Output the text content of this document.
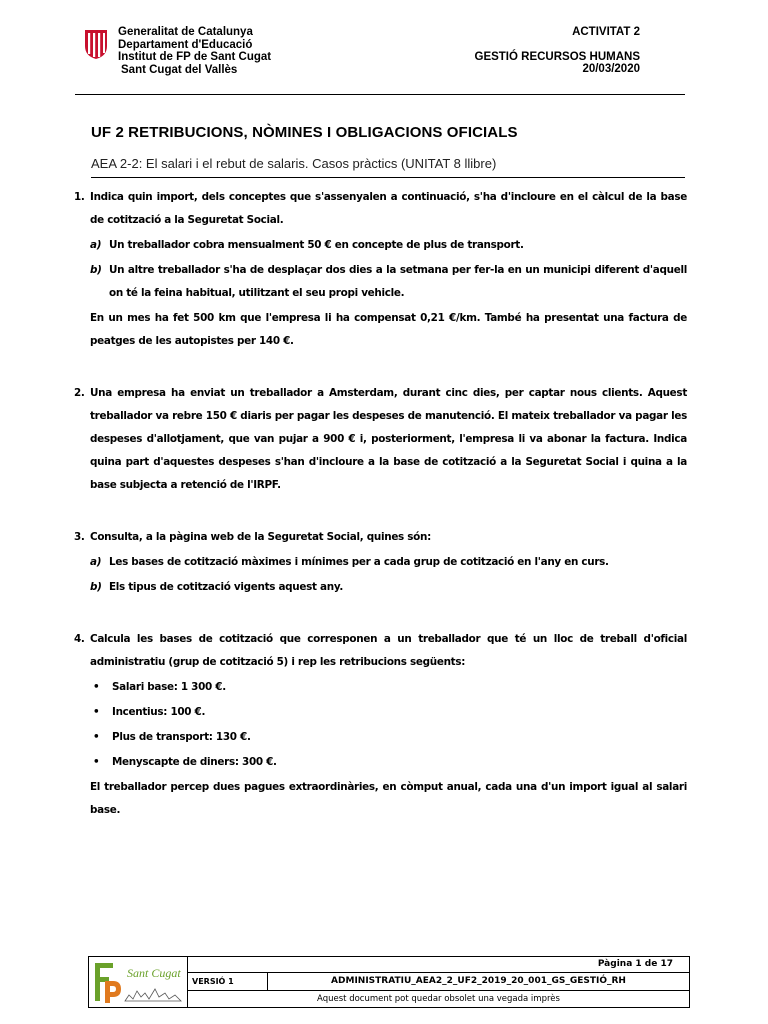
Generalitat de Catalunya
Departament d'Educació
Institut de FP de Sant Cugat
Sant Cugat del Vallès
ACTIVITAT 2
GESTIÓ RECURSOS HUMANS
20/03/2020
UF 2 RETRIBUCIONS, NÒMINES I OBLIGACIONS OFICIALS
AEA 2-2: El salari i el rebut de salaris. Casos pràctics (UNITAT 8 llibre)
1. Indica quin import, dels conceptes que s'assenyalen a continuació, s'ha d'incloure en el càlcul de la base de cotització a la Seguretat Social.
a) Un treballador cobra mensualment 50 € en concepte de plus de transport.
b) Un altre treballador s'ha de desplaçar dos dies a la setmana per fer-la en un municipi diferent d'aquell on té la feina habitual, utilitzant el seu propi vehicle.
En un mes ha fet 500 km que l'empresa li ha compensat 0,21 €/km. També ha presentat una factura de peatges de les autopistes per 140 €.
2. Una empresa ha enviat un treballador a Amsterdam, durant cinc dies, per captar nous clients. Aquest treballador va rebre 150 € diaris per pagar les despeses de manutenció. El mateix treballador va pagar les despeses d'allotjament, que van pujar a 900 € i, posteriorment, l'empresa li va abonar la factura. Indica quina part d'aquestes despeses s'han d'incloure a la base de cotització a la Seguretat Social i quina a la base subjecta a retenció de l'IRPF.
3. Consulta, a la pàgina web de la Seguretat Social, quines són:
a) Les bases de cotització màximes i mínimes per a cada grup de cotització en l'any en curs.
b) Els tipus de cotització vigents aquest any.
4. Calcula les bases de cotització que corresponen a un treballador que té un lloc de treball d'oficial administratiu (grup de cotització 5) i rep les retribucions següents:
•	Salari base: 1 300 €.
•	Incentius: 100 €.
•	Plus de transport: 130 €.
•	Menyscapte de diners: 300 €.
El treballador percep dues pagues extraordinàries, en còmput anual, cada una d'un import igual al salari base.
Sant Cugat
Pàgina 1 de 17
VERSIÓ 1	ADMINISTRATIU_AEA2_2_UF2_2019_20_001_GS_GESTIÓ_RH
Aquest document pot quedar obsolet una vegada imprès
